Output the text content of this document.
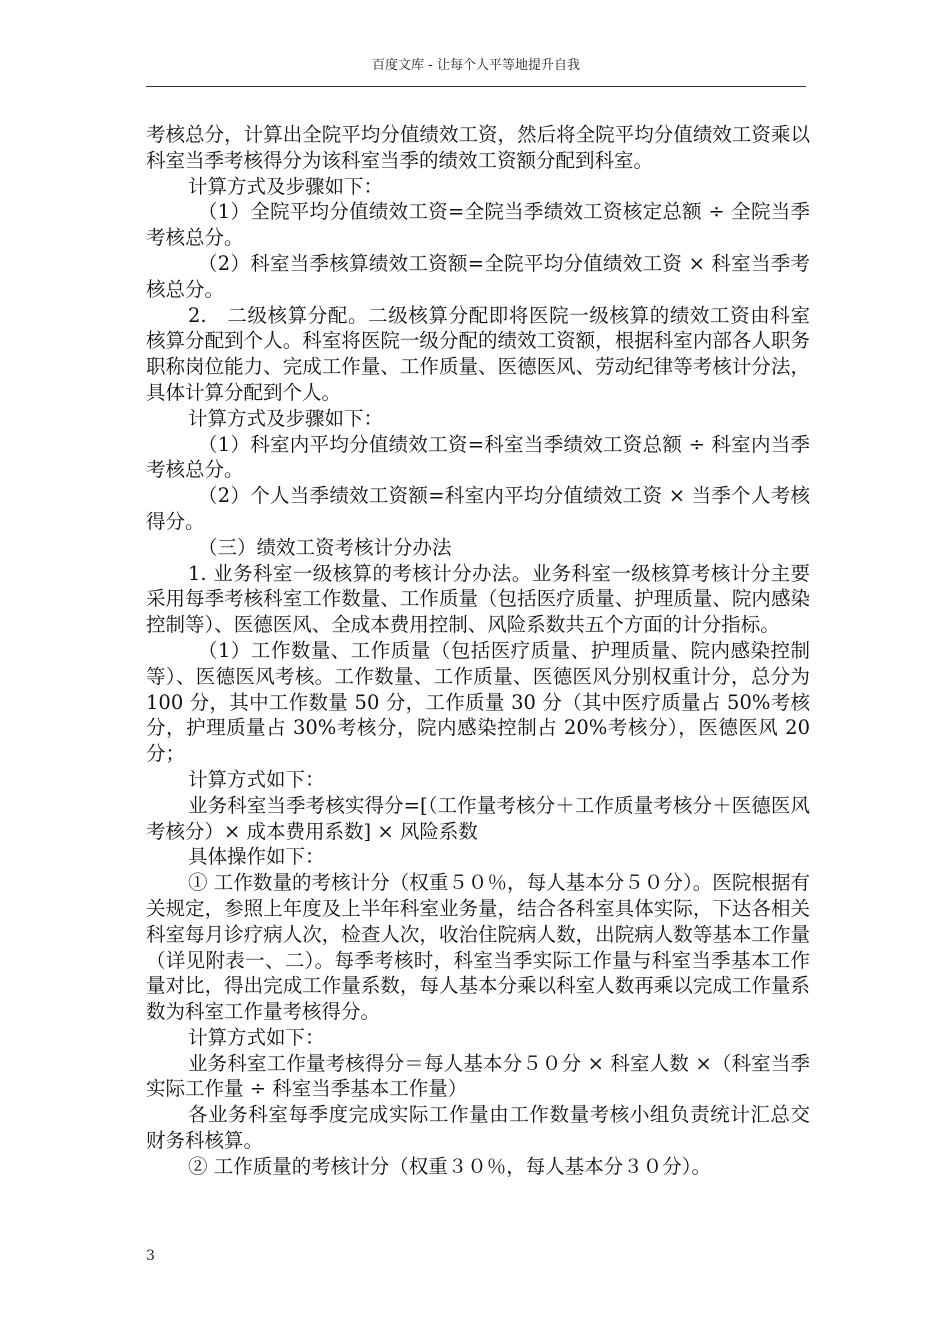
百度文库 - 让每个人平等地提升自我

考核总分，计算出全院平均分值绩效工资，然后将全院平均分值绩效工资乘以科室当季考核得分为该科室当季的绩效工资额分配到科室。

计算方式及步骤如下：

（1）全院平均分值绩效工资=全院当季绩效工资核定总额 ÷ 全院当季考核总分。

（2）科室当季核算绩效工资额=全院平均分值绩效工资 × 科室当季考核总分。

2.　二级核算分配。二级核算分配即将医院一级核算的绩效工资由科室核算分配到个人。科室将医院一级分配的绩效工资额，根据科室内部各人职务职称岗位能力、完成工作量、工作质量、医德医风、劳动纪律等考核计分法，具体计算分配到个人。

计算方式及步骤如下：

（1）科室内平均分值绩效工资=科室当季绩效工资总额 ÷ 科室内当季考核总分。

（2）个人当季绩效工资额=科室内平均分值绩效工资 × 当季个人考核得分。

（三）绩效工资考核计分办法

1. 业务科室一级核算的考核计分办法。业务科室一级核算考核计分主要采用每季考核科室工作数量、工作质量（包括医疗质量、护理质量、院内感染控制等）、医德医风、全成本费用控制、风险系数共五个方面的计分指标。

（1）工作数量、工作质量（包括医疗质量、护理质量、院内感染控制等）、医德医风考核。工作数量、工作质量、医德医风分别权重计分，总分为 100 分，其中工作数量 50 分，工作质量 30 分（其中医疗质量占 50%考核分，护理质量占 30%考核分，院内感染控制占 20%考核分），医德医风 20 分；

计算方式如下：

业务科室当季考核实得分=[（工作量考核分＋工作质量考核分＋医德医风考核分）× 成本费用系数] × 风险系数

具体操作如下：

① 工作数量的考核计分（权重５０％，每人基本分５０分）。医院根据有关规定，参照上年度及上半年科室业务量，结合各科室具体实际，下达各相关科室每月诊疗病人次，检查人次，收治住院病人数，出院病人数等基本工作量（详见附表一、二）。每季考核时，科室当季实际工作量与科室当季基本工作量对比，得出完成工作量系数，每人基本分乘以科室人数再乘以完成工作量系数为科室工作量考核得分。

计算方式如下：

业务科室工作量考核得分＝每人基本分５０分 × 科室人数 ×（科室当季实际工作量 ÷ 科室当季基本工作量）

各业务科室每季度完成实际工作量由工作数量考核小组负责统计汇总交财务科核算。

② 工作质量的考核计分（权重３０％，每人基本分３０分）。

3
